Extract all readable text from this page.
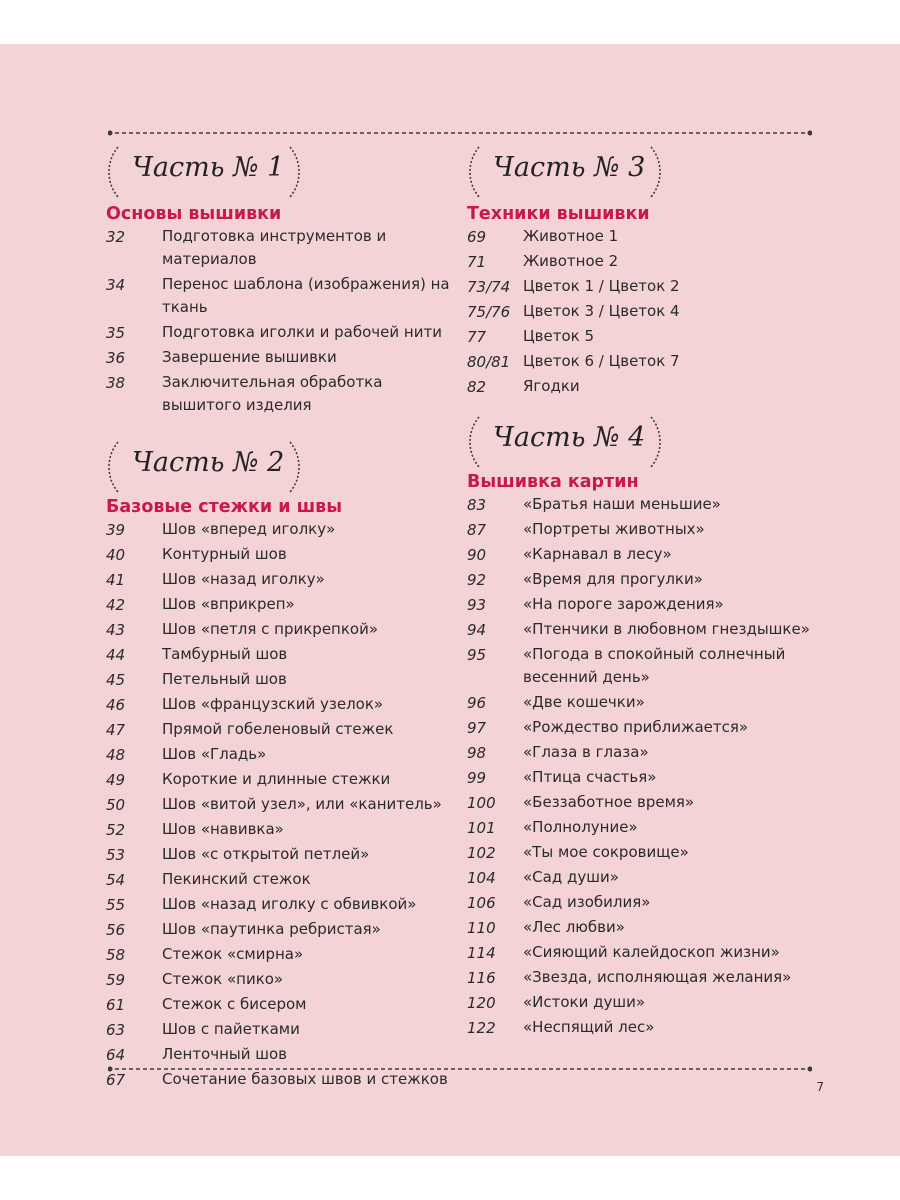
Часть № 1
Основы вышивки
32	Подготовка инструментов и материалов
34	Перенос шаблона (изображения) на ткань
35	Подготовка иголки и рабочей нити
36	Завершение вышивки
38	Заключительная обработка вышитого изделия
Часть № 2
Базовые стежки и швы
39	Шов «вперед иголку»
40	Контурный шов
41	Шов «назад иголку»
42	Шов «вприкреп»
43	Шов «петля с прикрепкой»
44	Тамбурный шов
45	Петельный шов
46	Шов «французский узелок»
47	Прямой гобеленовый стежек
48	Шов «Гладь»
49	Короткие и длинные стежки
50	Шов «витой узел», или «канитель»
52	Шов «навивка»
53	Шов «с открытой петлей»
54	Пекинский стежок
55	Шов «назад иголку с обвивкой»
56	Шов «паутинка ребристая»
58	Стежок «смирна»
59	Стежок «пико»
61	Стежок с бисером
63	Шов с пайетками
64	Ленточный шов
67	Сочетание базовых швов и стежков
Часть № 3
Техники вышивки
69	Животное 1
71	Животное 2
73/74 Цветок 1 / Цветок 2
75/76 Цветок 3 / Цветок 4
77	Цветок 5
80/81 Цветок 6 / Цветок 7
82	Ягодки
Часть № 4
Вышивка картин
83	«Братья наши меньшие»
87	«Портреты животных»
90	«Карнавал в лесу»
92	«Время для прогулки»
93	«На пороге зарождения»
94	«Птенчики в любовном гнездышке»
95	«Погода в спокойный солнечный весенний день»
96	«Две кошечки»
97	«Рождество приближается»
98	«Глаза в глаза»
99	«Птица счастья»
100	«Беззаботное время»
101	«Полнолуние»
102	«Ты мое сокровище»
104	«Сад души»
106	«Сад изобилия»
110	«Лес любви»
114	«Сияющий калейдоскоп жизни»
116	«Звезда, исполняющая желания»
120	«Истоки души»
122	«Неспящий лес»
7
